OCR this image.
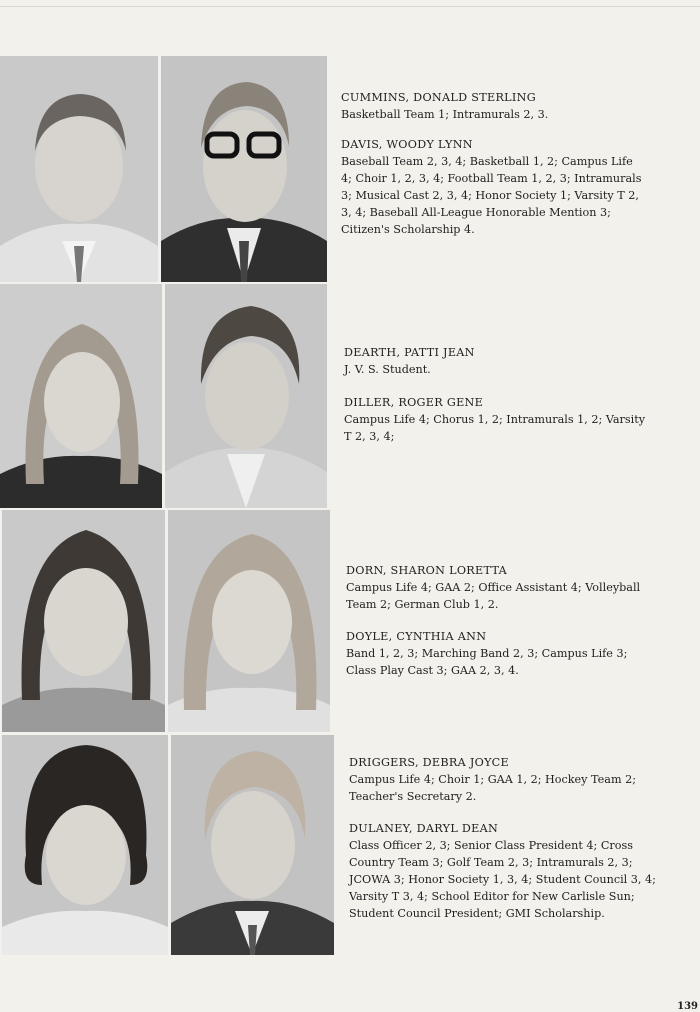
CUMMINS, DONALD STERLING
Basketball Team 1; Intramurals 2, 3.
DAVIS, WOODY LYNN
Baseball Team 2, 3, 4; Basketball 1, 2; Campus Life 4; Choir 1, 2, 3, 4; Football Team 1, 2, 3; Intramurals 3; Musical Cast 2, 3, 4; Honor Society 1; Varsity T 2, 3, 4; Baseball All-League Honorable Mention 3; Citizen's Scholarship 4.
DEARTH, PATTI JEAN
J. V. S. Student.
DILLER, ROGER GENE
Campus Life 4; Chorus 1, 2; Intramurals 1, 2; Varsity T 2, 3, 4;
DORN, SHARON LORETTA
Campus Life 4; GAA 2; Office Assistant 4; Volleyball Team 2; German Club 1, 2.
DOYLE, CYNTHIA ANN
Band 1, 2, 3; Marching Band 2, 3; Campus Life 3; Class Play Cast 3; GAA 2, 3, 4.
DRIGGERS, DEBRA JOYCE
Campus Life 4; Choir 1; GAA 1, 2; Hockey Team 2; Teacher's Secretary 2.
DULANEY, DARYL DEAN
Class Officer 2, 3; Senior Class President 4; Cross Country Team 3; Golf Team 2, 3; Intramurals 2, 3; JCOWA 3; Honor Society 1, 3, 4; Student Council 3, 4; Varsity T 3, 4; School Editor for New Carlisle Sun; Student Council President; GMI Scholarship.
139
